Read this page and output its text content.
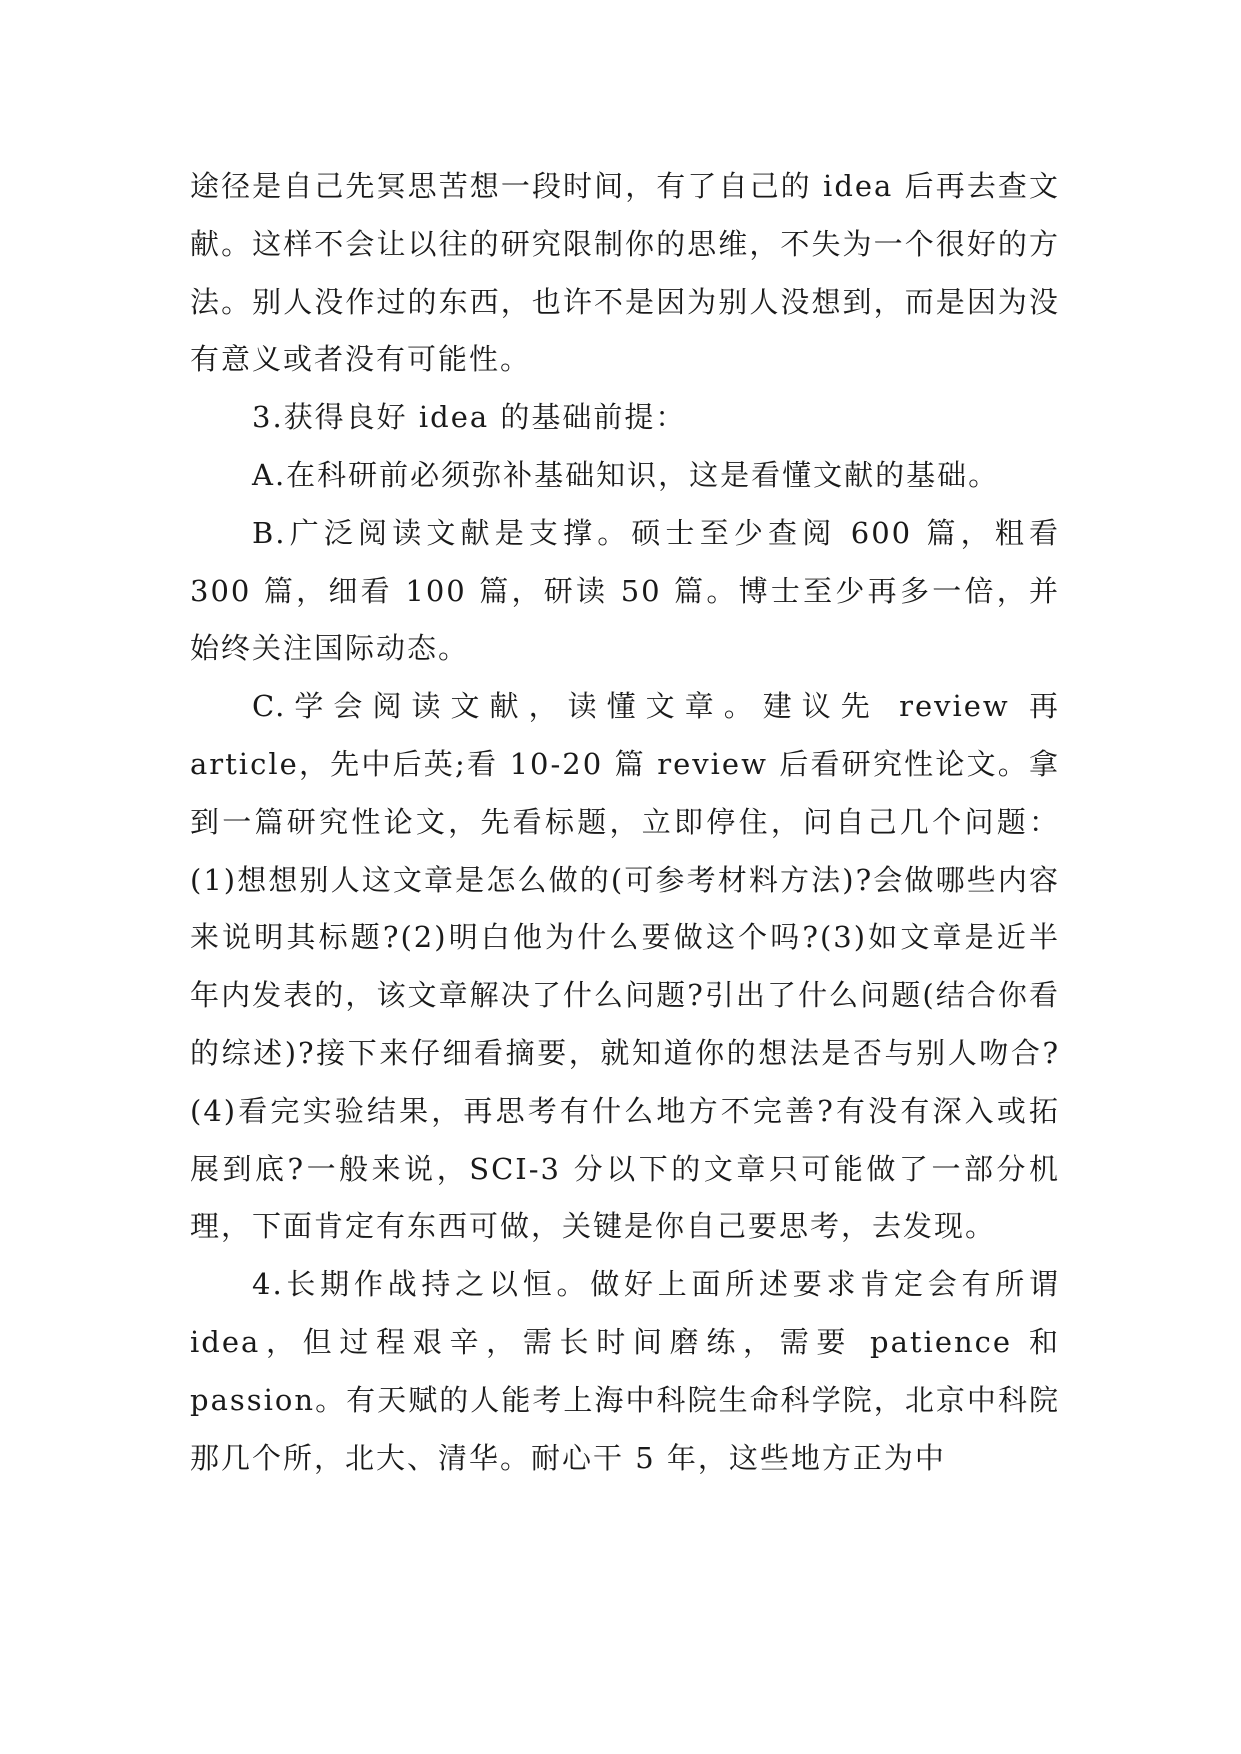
途径是自己先冥思苦想一段时间，有了自己的 idea 后再去查文献。这样不会让以往的研究限制你的思维，不失为一个很好的方法。别人没作过的东西，也许不是因为别人没想到，而是因为没有意义或者没有可能性。

3.获得良好 idea 的基础前提：

A.在科研前必须弥补基础知识，这是看懂文献的基础。

B.广泛阅读文献是支撑。硕士至少查阅 600 篇，粗看 300 篇，细看 100 篇，研读 50 篇。博士至少再多一倍，并始终关注国际动态。

C.学会阅读文献，读懂文章。建议先 review 再 article，先中后英;看 10-20 篇 review 后看研究性论文。拿到一篇研究性论文，先看标题，立即停住，问自己几个问题：(1)想想别人这文章是怎么做的(可参考材料方法)?会做哪些内容来说明其标题?(2)明白他为什么要做这个吗?(3)如文章是近半年内发表的，该文章解决了什么问题?引出了什么问题(结合你看的综述)?接下来仔细看摘要，就知道你的想法是否与别人吻合?(4)看完实验结果，再思考有什么地方不完善?有没有深入或拓展到底?一般来说，SCI-3 分以下的文章只可能做了一部分机理，下面肯定有东西可做，关键是你自己要思考，去发现。

4.长期作战持之以恒。做好上面所述要求肯定会有所谓 idea，但过程艰辛，需长时间磨练，需要 patience 和 passion。有天赋的人能考上海中科院生命科学院，北京中科院那几个所，北大、清华。耐心干 5 年，这些地方正为中
